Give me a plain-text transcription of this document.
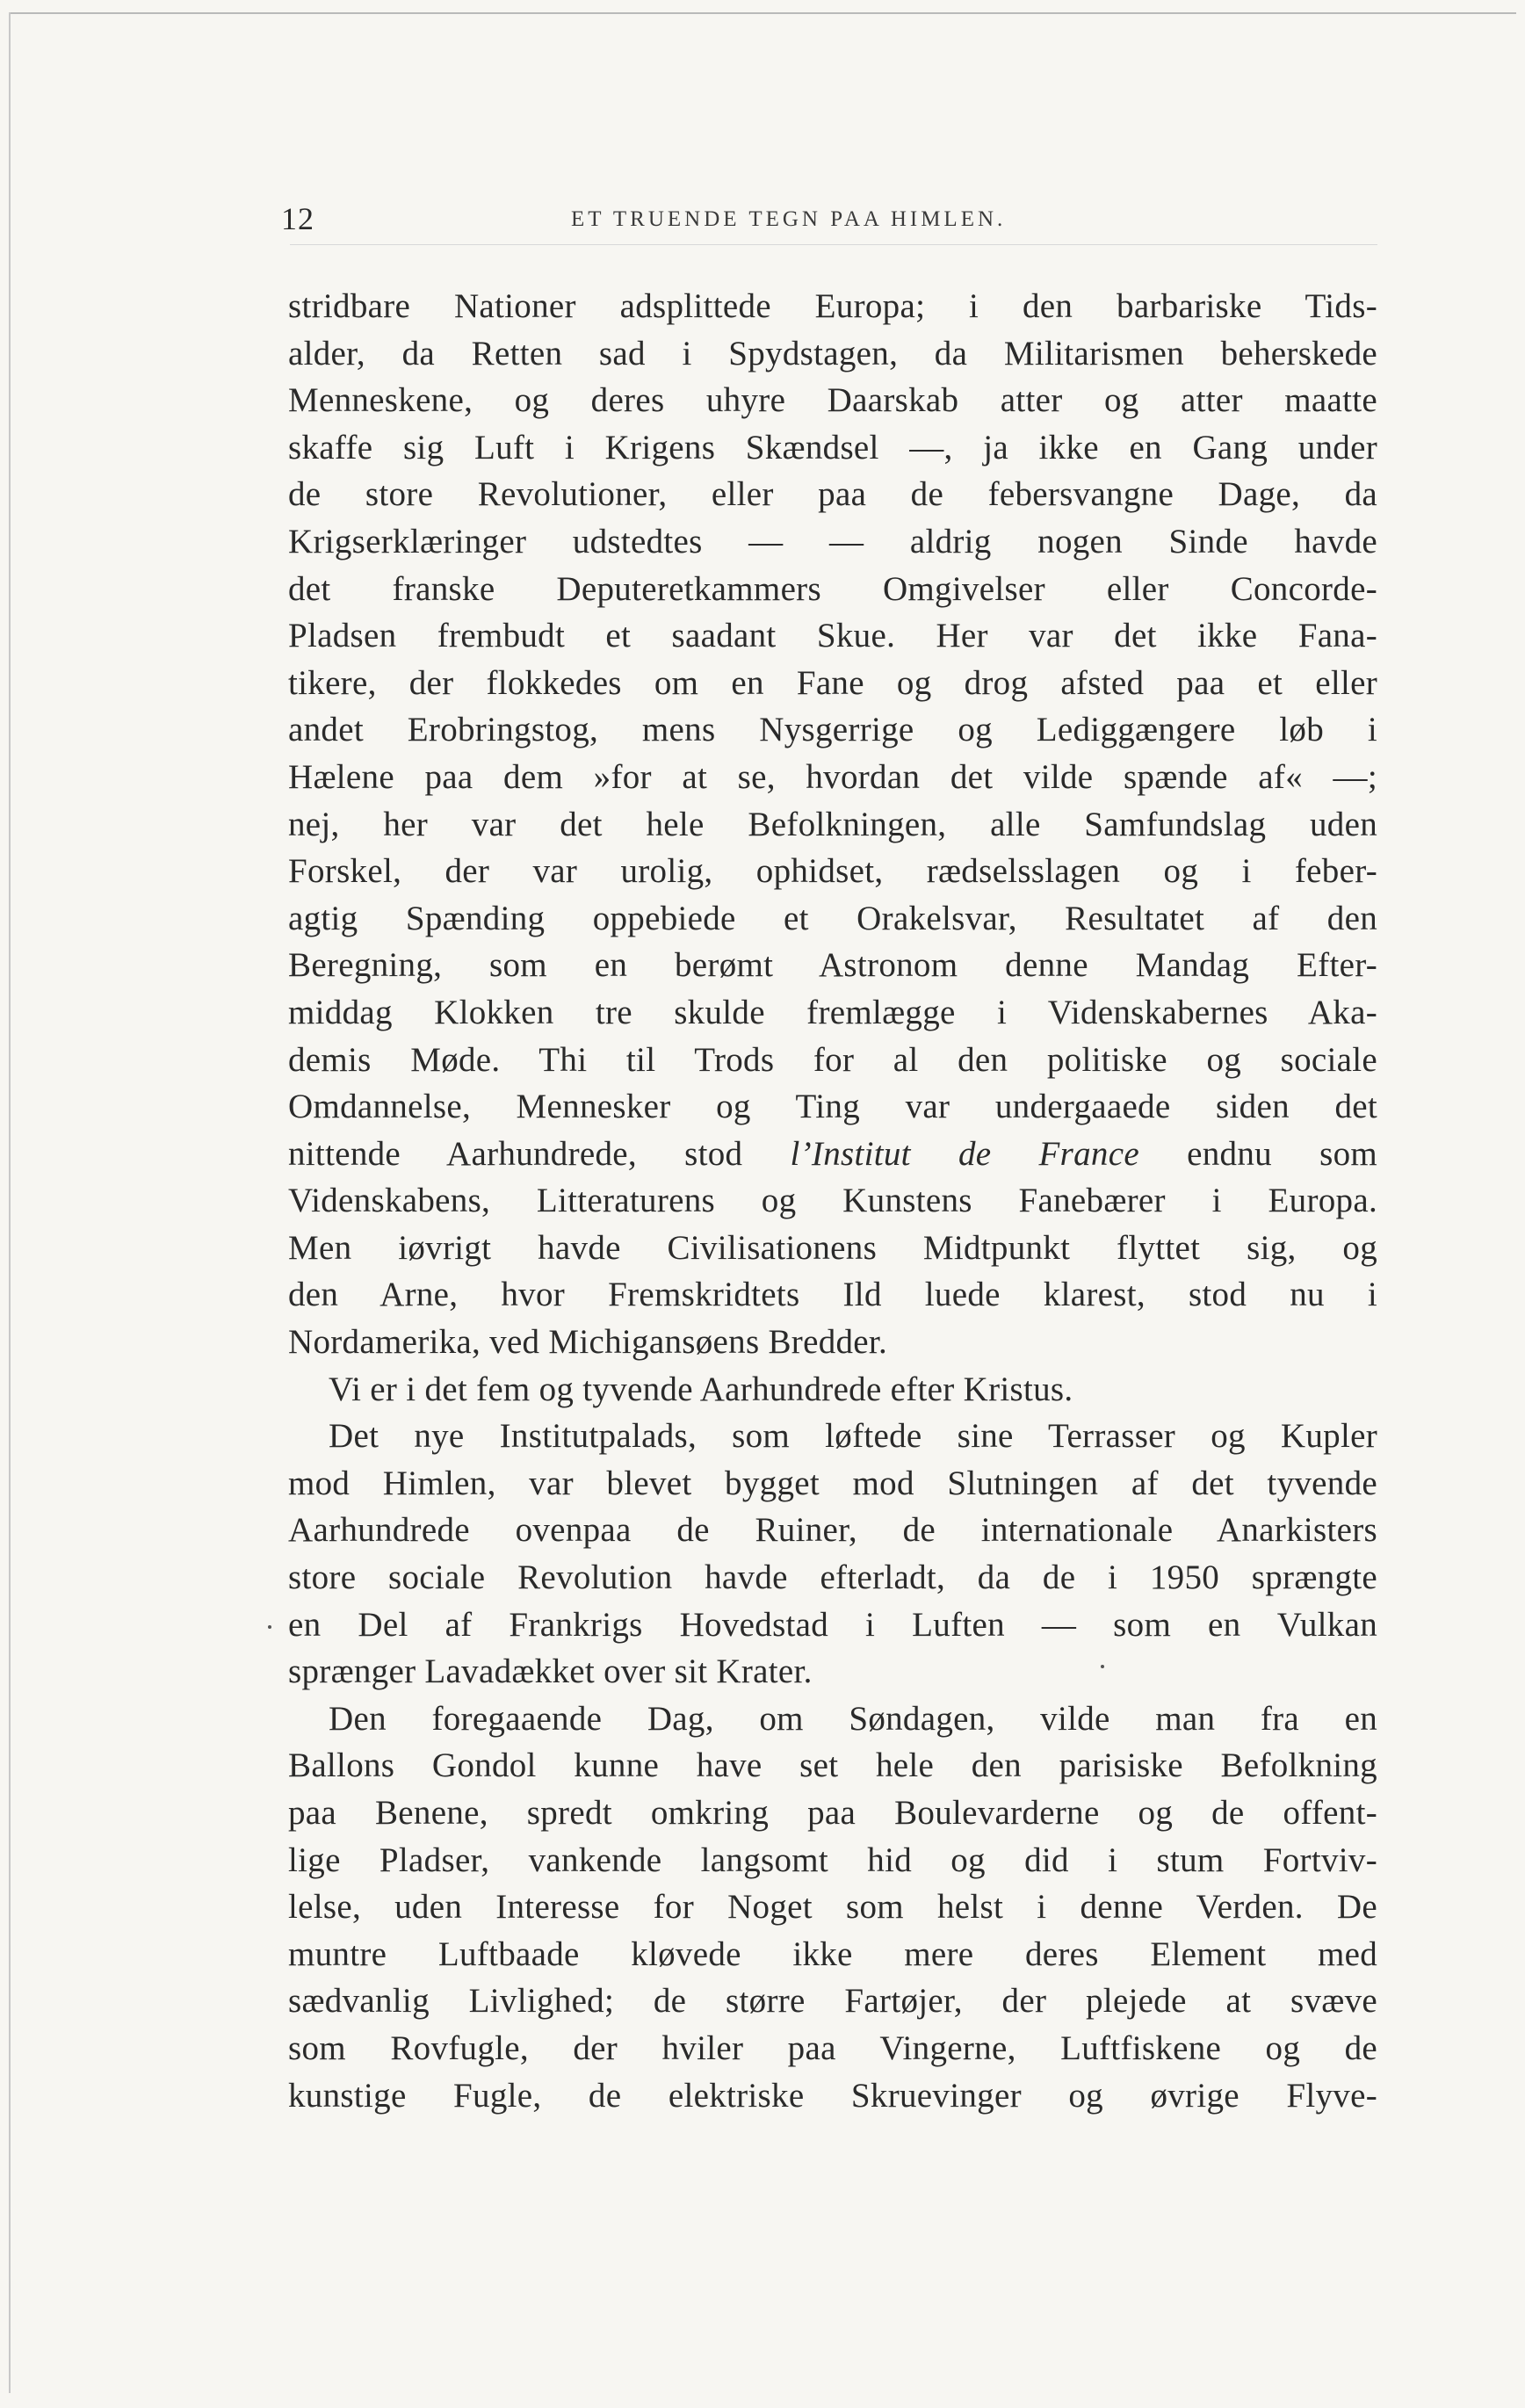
12	ET TRUENDE TEGN PAA HIMLEN.
stridbare Nationer adsplittede Europa; i den barbariske Tids-
alder, da Retten sad i Spydstagen, da Militarismen beherskede
Menneskene, og deres uhyre Daarskab atter og atter maatte
skaffe sig Luft i Krigens Skændsel —, ja ikke en Gang under
de store Revolutioner, eller paa de febersvangne Dage, da
Krigserklæringer udstedtes — — aldrig nogen Sinde havde
det franske Deputeretkammers Omgivelser eller Concorde-
Pladsen frembudt et saadant Skue. Her var det ikke Fana-
tikere, der flokkedes om en Fane og drog afsted paa et eller
andet Erobringstog, mens Nysgerrige og Lediggængere løb i
Hælene paa dem »for at se, hvordan det vilde spænde af« —;
nej, her var det hele Befolkningen, alle Samfundslag uden
Forskel, der var urolig, ophidset, rædselsslagen og i feber-
agtig Spænding oppebiede et Orakelsvar, Resultatet af den
Beregning, som en berømt Astronom denne Mandag Efter-
middag Klokken tre skulde fremlægge i Videnskabernes Aka-
demis Møde. Thi til Trods for al den politiske og sociale
Omdannelse, Mennesker og Ting var undergaaede siden det
nittende Aarhundrede, stod l’Institut de France endnu som
Videnskabens, Litteraturens og Kunstens Fanebærer i Europa.
Men iøvrigt havde Civilisationens Midtpunkt flyttet sig, og
den Arne, hvor Fremskridtets Ild luede klarest, stod nu i
Nordamerika, ved Michigansøens Bredder.
Vi er i det fem og tyvende Aarhundrede efter Kristus.
Det nye Institutpalads, som løftede sine Terrasser og Kupler
mod Himlen, var blevet bygget mod Slutningen af det tyvende
Aarhundrede ovenpaa de Ruiner, de internationale Anarkisters
store sociale Revolution havde efterladt, da de i 1950 sprængte
en Del af Frankrigs Hovedstad i Luften — som en Vulkan
sprænger Lavadækket over sit Krater.
Den foregaaende Dag, om Søndagen, vilde man fra en
Ballons Gondol kunne have set hele den parisiske Befolkning
paa Benene, spredt omkring paa Boulevarderne og de offent-
lige Pladser, vankende langsomt hid og did i stum Fortviv-
lelse, uden Interesse for Noget som helst i denne Verden. De
muntre Luftbaade kløvede ikke mere deres Element med
sædvanlig Livlighed; de større Fartøjer, der plejede at svæve
som Rovfugle, der hviler paa Vingerne, Luftfiskene og de
kunstige Fugle, de elektriske Skruevinger og øvrige Flyve-
